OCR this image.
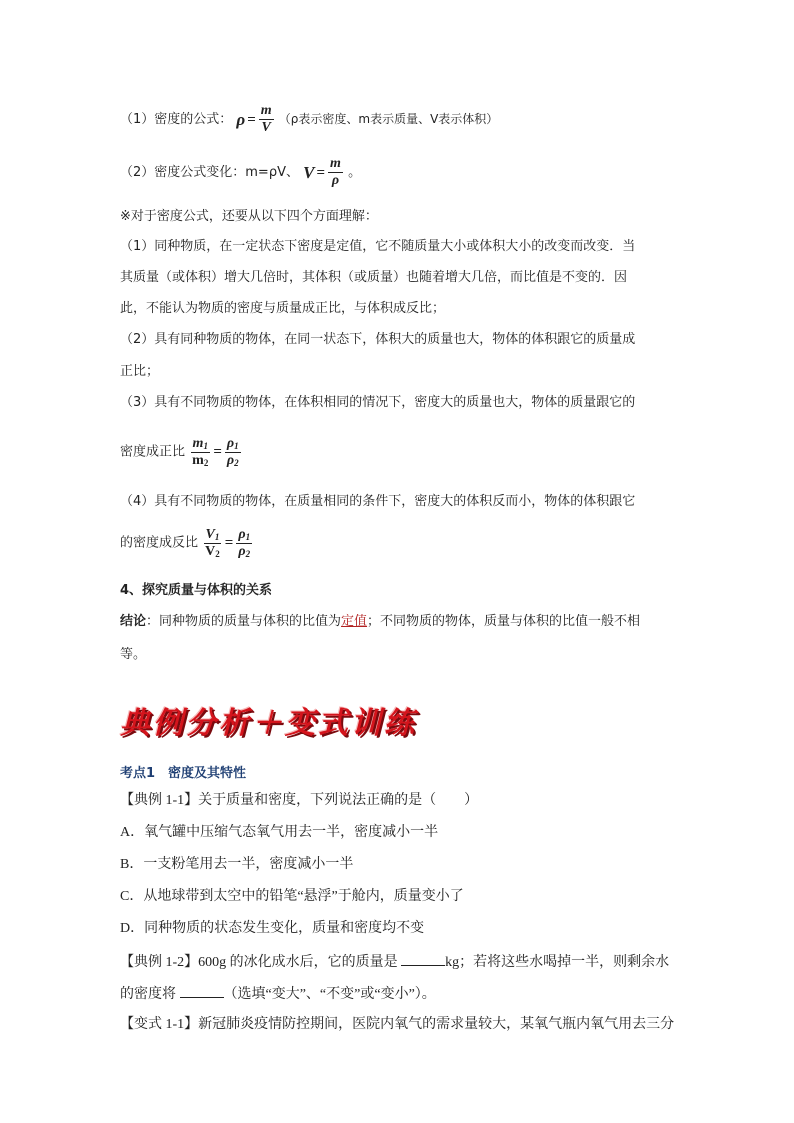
（1）密度的公式： $\rho = \frac{m}{V} (\rho$表示密度、m表示质量、V表示体积）
（2）密度公式变化：m=ρV、 $V = \frac{m}{\rho}$ 。
※对于密度公式，还要从以下四个方面理解：
（1）同种物质，在一定状态下密度是定值，它不随质量大小或体积大小的改变而改变．当
其质量（或体积）增大几倍时，其体积（或质量）也随着增大几倍，而比值是不变的．因
此，不能认为物质的密度与质量成正比，与体积成反比；
（2）具有同种物质的物体，在同一状态下，体积大的质量也大，物体的体积跟它的质量成
正比；
（3）具有不同物质的物体，在体积相同的情况下，密度大的质量也大，物体的质量跟它的
密度成正比 $\frac{m_1}{m_2} = \frac{\rho_1}{\rho_2}$
（4）具有不同物质的物体，在质量相同的条件下，密度大的体积反而小，物体的体积跟它
的密度成反比 $\frac{V_1}{V_2} = \frac{\rho_1}{\rho_2}$
4、探究质量与体积的关系
结论：同种物质的质量与体积的比值为定值；不同物质的物体，质量与体积的比值一般不相
等。
典例分析＋变式训练
考点1　密度及其特性
【典例 1-1】关于质量和密度，下列说法正确的是（　　）
A．氧气罐中压缩气态氧气用去一半，密度减小一半
B．一支粉笔用去一半，密度减小一半
C．从地球带到太空中的铅笔“悬浮”于舱内，质量变小了
D．同种物质的状态发生变化，质量和密度均不变
【典例 1-2】600g 的冰化成水后，它的质量是	kg；若将这些水喝掉一半，则剩余水
的密度将	（选填“变大”、“不变”或“变小”）。
【变式 1-1】新冠肺炎疫情防控期间，医院内氧气的需求量较大，某氧气瓶内氧气用去三分
